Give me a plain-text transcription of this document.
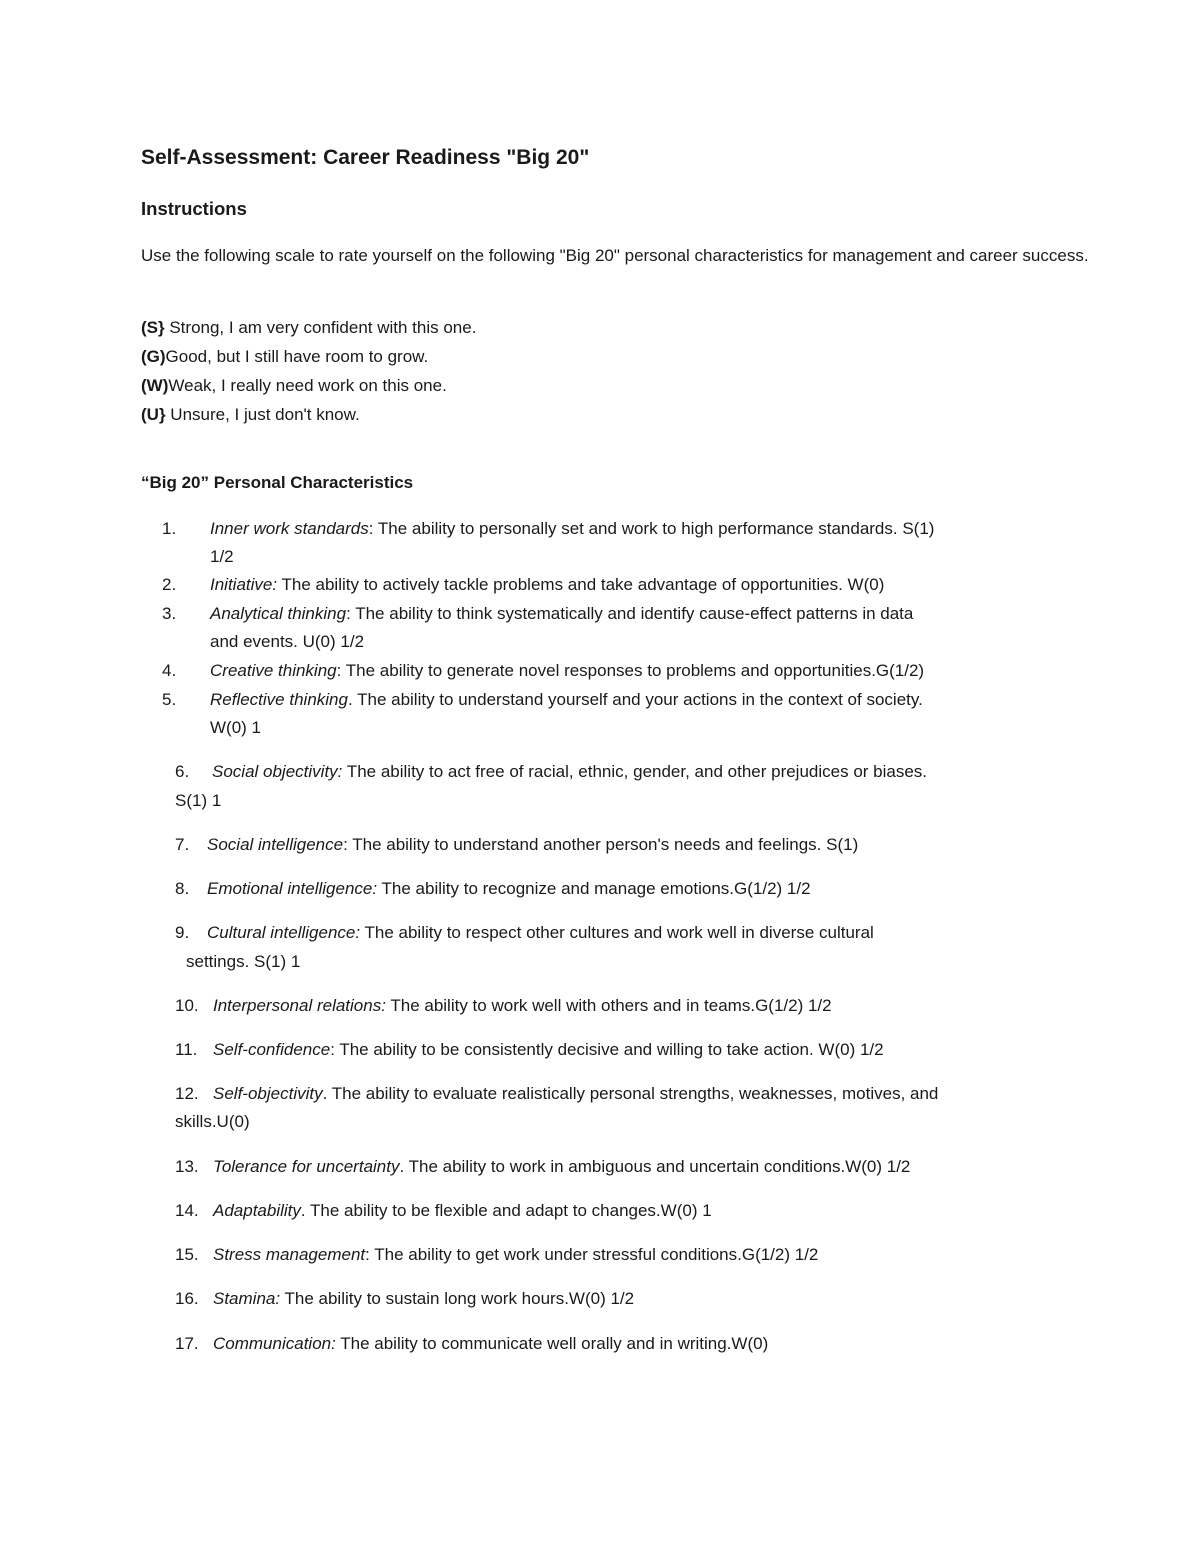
Self-Assessment: Career Readiness "Big 20"
Instructions

Use the following scale to rate yourself on the following "Big 20" personal characteristics for management and career success.

(S} Strong, I am very confident with this one.
(G)Good, but I still have room to grow.
(W)Weak, I really need work on this one.
(U} Unsure, I just don't know.
“Big 20” Personal Characteristics
1. Inner work standards: The ability to personally set and work to high performance standards. S(1)
1/2
2. Initiative: The ability to actively tackle problems and take advantage of opportunities. W(0)
3. Analytical thinking: The ability to think systematically and identify cause-effect patterns in data
and events. U(0) 1/2
4. Creative thinking: The ability to generate novel responses to problems and opportunities.G(1/2)
5. Reflective thinking. The ability to understand yourself and your actions in the context of society.
W(0) 1
6. Social objectivity: The ability to act free of racial, ethnic, gender, and other prejudices or biases.
S(1) 1
7. Social intelligence: The ability to understand another person's needs and feelings. S(1)
8. Emotional intelligence: The ability to recognize and manage emotions.G(1/2) 1/2
9. Cultural intelligence: The ability to respect other cultures and work well in diverse cultural
settings. S(1) 1
10. Interpersonal relations: The ability to work well with others and in teams.G(1/2) 1/2
11. Self-confidence: The ability to be consistently decisive and willing to take action. W(0) 1/2
12. Self-objectivity. The ability to evaluate realistically personal strengths, weaknesses, motives, and
skills.U(0)
13. Tolerance for uncertainty. The ability to work in ambiguous and uncertain conditions.W(0) 1/2
14. Adaptability. The ability to be flexible and adapt to changes.W(0) 1
15. Stress management: The ability to get work under stressful conditions.G(1/2) 1/2
16. Stamina: The ability to sustain long work hours.W(0) 1/2
17. Communication: The ability to communicate well orally and in writing.W(0)
